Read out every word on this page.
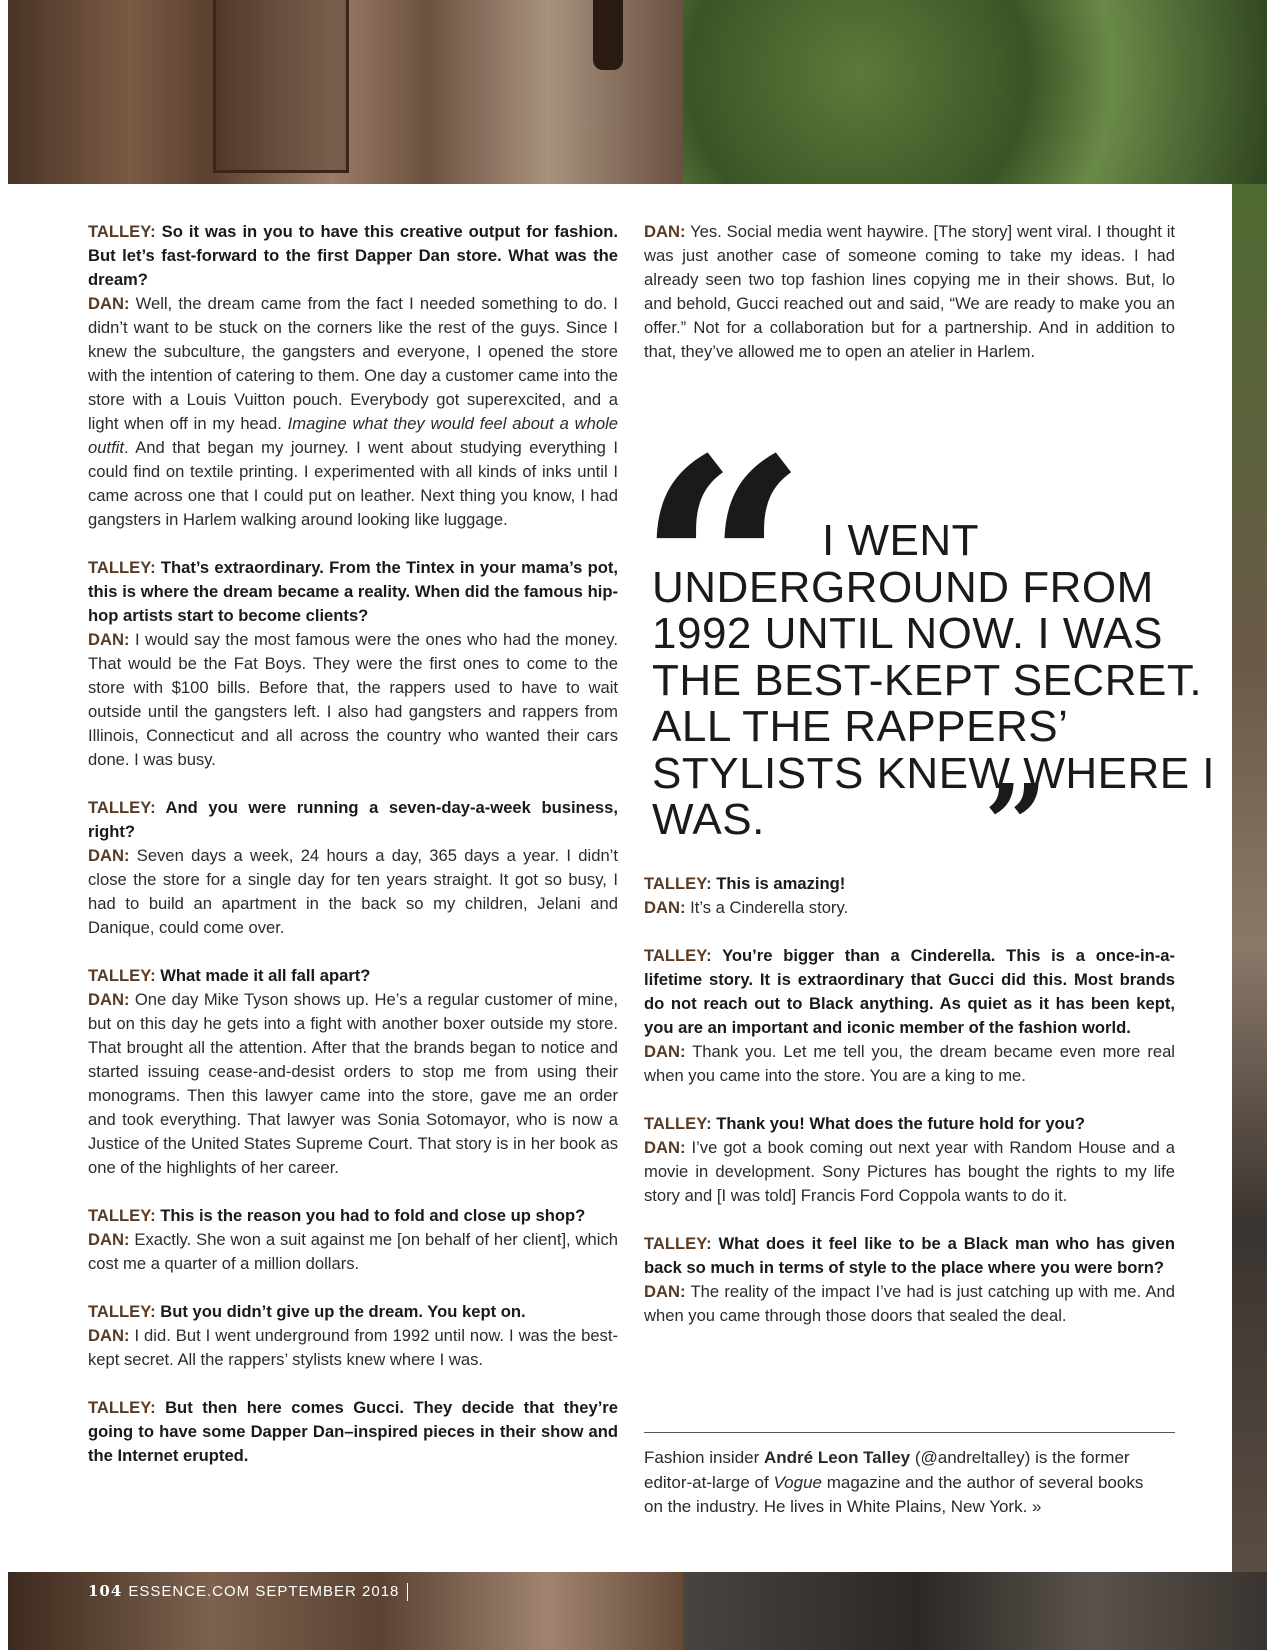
TALLEY: So it was in you to have this creative output for fashion. But let’s fast-forward to the first Dapper Dan store. What was the dream?

DAN: Well, the dream came from the fact I needed something to do. I didn’t want to be stuck on the corners like the rest of the guys. Since I knew the subculture, the gangsters and everyone, I opened the store with the intention of catering to them. One day a customer came into the store with a Louis Vuitton pouch. Everybody got superexcited, and a light when off in my head. Imagine what they would feel about a whole outfit. And that began my journey. I went about studying everything I could find on textile printing. I experimented with all kinds of inks until I came across one that I could put on leather. Next thing you know, I had gangsters in Harlem walking around looking like luggage.

TALLEY: That’s extraordinary. From the Tintex in your mama’s pot, this is where the dream became a reality. When did the famous hip-hop artists start to become clients?

DAN: I would say the most famous were the ones who had the money. That would be the Fat Boys. They were the first ones to come to the store with $100 bills. Before that, the rappers used to have to wait outside until the gangsters left. I also had gangsters and rappers from Illinois, Connecticut and all across the country who wanted their cars done. I was busy.

TALLEY: And you were running a seven-day-a-week business, right?

DAN: Seven days a week, 24 hours a day, 365 days a year. I didn’t close the store for a single day for ten years straight. It got so busy, I had to build an apartment in the back so my children, Jelani and Danique, could come over.

TALLEY: What made it all fall apart?

DAN: One day Mike Tyson shows up. He’s a regular customer of mine, but on this day he gets into a fight with another boxer outside my store. That brought all the attention. After that the brands began to notice and started issuing cease-and-desist orders to stop me from using their monograms. Then this lawyer came into the store, gave me an order and took everything. That lawyer was Sonia Sotomayor, who is now a Justice of the United States Supreme Court. That story is in her book as one of the highlights of her career.

TALLEY: This is the reason you had to fold and close up shop?

DAN: Exactly. She won a suit against me [on behalf of her client], which cost me a quarter of a million dollars.

TALLEY: But you didn’t give up the dream. You kept on.

DAN: I did. But I went underground from 1992 until now. I was the best-kept secret. All the rappers’ stylists knew where I was.

TALLEY: But then here comes Gucci. They decide that they’re going to have some Dapper Dan–inspired pieces in their show and the Internet erupted.

DAN: Yes. Social media went haywire. [The story] went viral. I thought it was just another case of someone coming to take my ideas. I had already seen two top fashion lines copying me in their shows. But, lo and behold, Gucci reached out and said, “We are ready to make you an offer.” Not for a collaboration but for a partnership. And in addition to that, they’ve allowed me to open an atelier in Harlem.

“ I WENT UNDERGROUND FROM 1992 UNTIL NOW. I WAS THE BEST-KEPT SECRET. ALL THE RAPPERS’ STYLISTS KNEW WHERE I WAS.	”

TALLEY: This is amazing!

DAN: It’s a Cinderella story.

TALLEY: You’re bigger than a Cinderella. This is a once-in-a-lifetime story. It is extraordinary that Gucci did this. Most brands do not reach out to Black anything. As quiet as it has been kept, you are an important and iconic member of the fashion world.

DAN: Thank you. Let me tell you, the dream became even more real when you came into the store. You are a king to me.

TALLEY: Thank you! What does the future hold for you?

DAN: I’ve got a book coming out next year with Random House and a movie in development. Sony Pictures has bought the rights to my life story and [I was told] Francis Ford Coppola wants to do it.

TALLEY: What does it feel like to be a Black man who has given back so much in terms of style to the place where you were born?

DAN: The reality of the impact I’ve had is just catching up with me. And when you came through those doors that sealed the deal.

Fashion insider André Leon Talley (@andreltalley) is the former editor-at-large of Vogue magazine and the author of several books on the industry. He lives in White Plains, New York. »
104 ESSENCE.COM SEPTEMBER 2018
